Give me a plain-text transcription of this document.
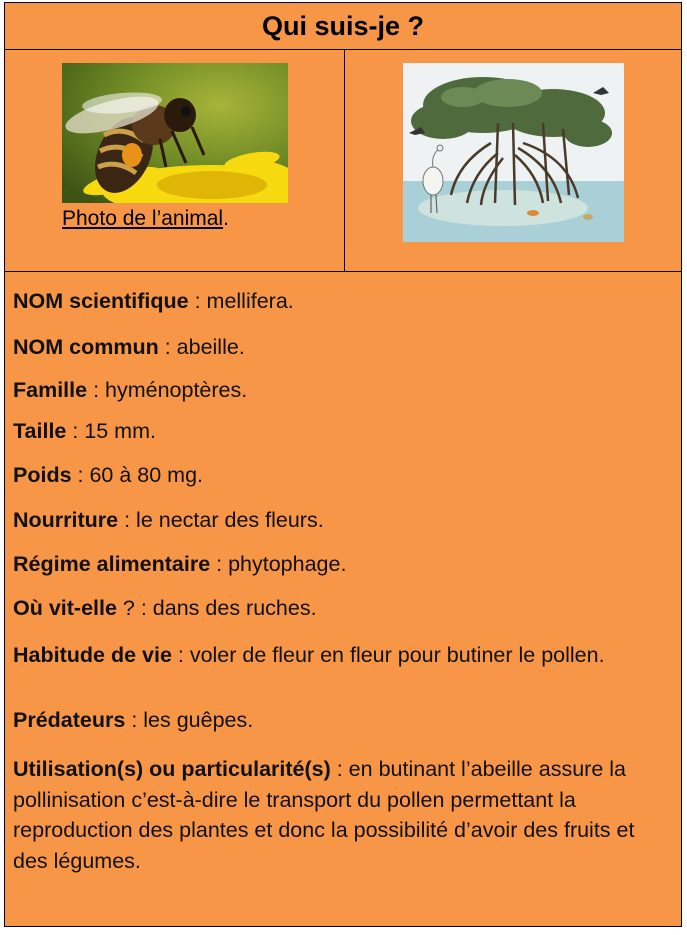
Qui suis-je ?
Photo de l’animal.
NOM scientifique : mellifera.
NOM commun : abeille.
Famille : hyménoptères.
Taille : 15 mm.
Poids : 60 à 80 mg.
Nourriture : le nectar des fleurs.
Régime alimentaire : phytophage.
Où vit-elle ? : dans des ruches.
Habitude de vie : voler de fleur en fleur pour butiner le pollen.
Prédateurs : les guêpes.
Utilisation(s) ou particularité(s) : en butinant l’abeille assure la pollinisation c’est-à-dire le transport du pollen permettant la reproduction des plantes et donc la possibilité d’avoir des fruits et des légumes.
